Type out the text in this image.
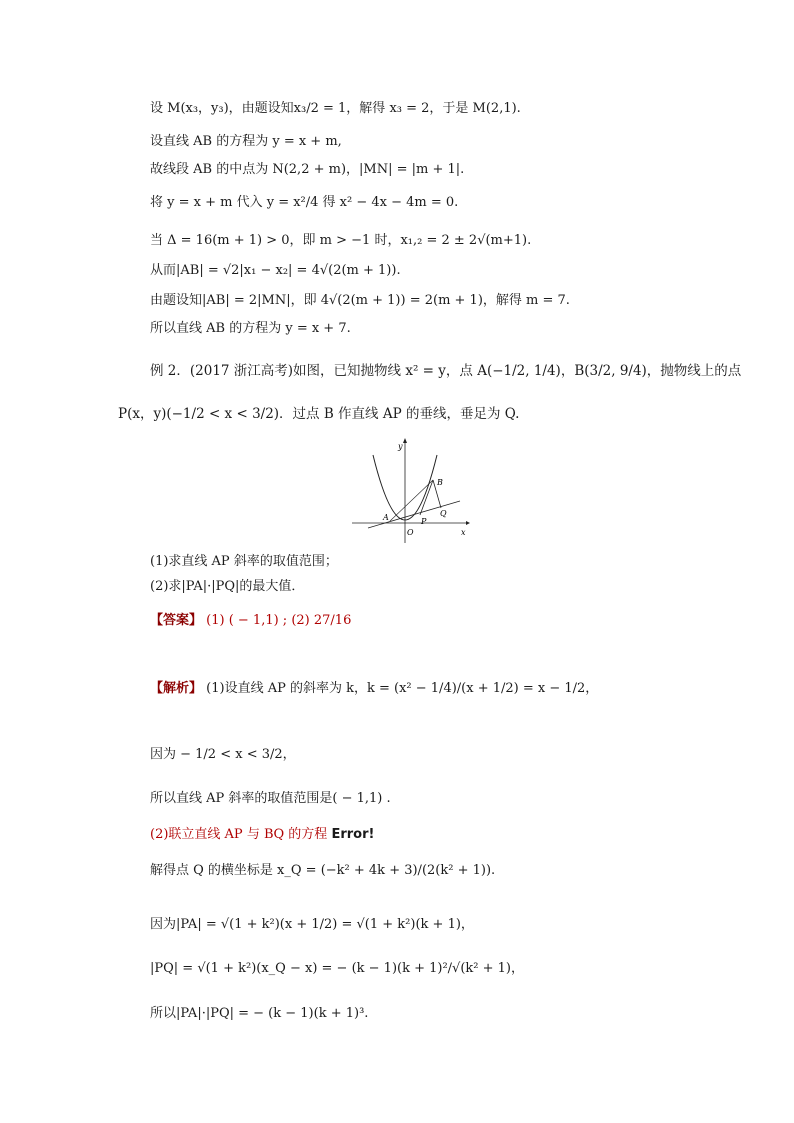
设 M(x₃，y₃)，由题设知x₃/2 = 1，解得 x₃ = 2，于是 M(2,1).
设直线 AB 的方程为 y = x + m,
故线段 AB 的中点为 N(2,2 + m)，|MN| = |m + 1|.
将 y = x + m 代入 y = x²/4 得 x² − 4x − 4m = 0.
当 Δ = 16(m + 1) > 0，即 m > −1 时，x₁,₂ = 2 ± 2√(m+1).
从而|AB| = √2|x₁ − x₂| = 4√(2(m + 1)).
由题设知|AB| = 2|MN|，即 4√(2(m + 1)) = 2(m + 1)，解得 m = 7.
所以直线 AB 的方程为 y = x + 7.
例 2．(2017 浙江高考)如图，已知抛物线 x² = y，点 A(−1/2, 1/4)，B(3/2, 9/4)，抛物线上的点
P(x，y)(−1/2 < x < 3/2)．过点 B 作直线 AP 的垂线，垂足为 Q.
y
x
O
A
B
P
Q
(1)求直线 AP 斜率的取值范围；
(2)求|PA|·|PQ|的最大值．
【答案】 (1) ( − 1,1) ; (2) 27/16
【解析】 (1)设直线 AP 的斜率为 k，k = (x² − 1/4)/(x + 1/2) = x − 1/2，
因为 − 1/2 < x < 3/2，
所以直线 AP 斜率的取值范围是( − 1,1) .
(2)联立直线 AP 与 BQ 的方程 Error!
解得点 Q 的横坐标是 x_Q = (−k² + 4k + 3)/(2(k² + 1)).
因为|PA| = √(1 + k²)(x + 1/2) = √(1 + k²)(k + 1)，
|PQ| = √(1 + k²)(x_Q − x) = − (k − 1)(k + 1)²/√(k² + 1)，
所以|PA|·|PQ| = − (k − 1)(k + 1)³.
